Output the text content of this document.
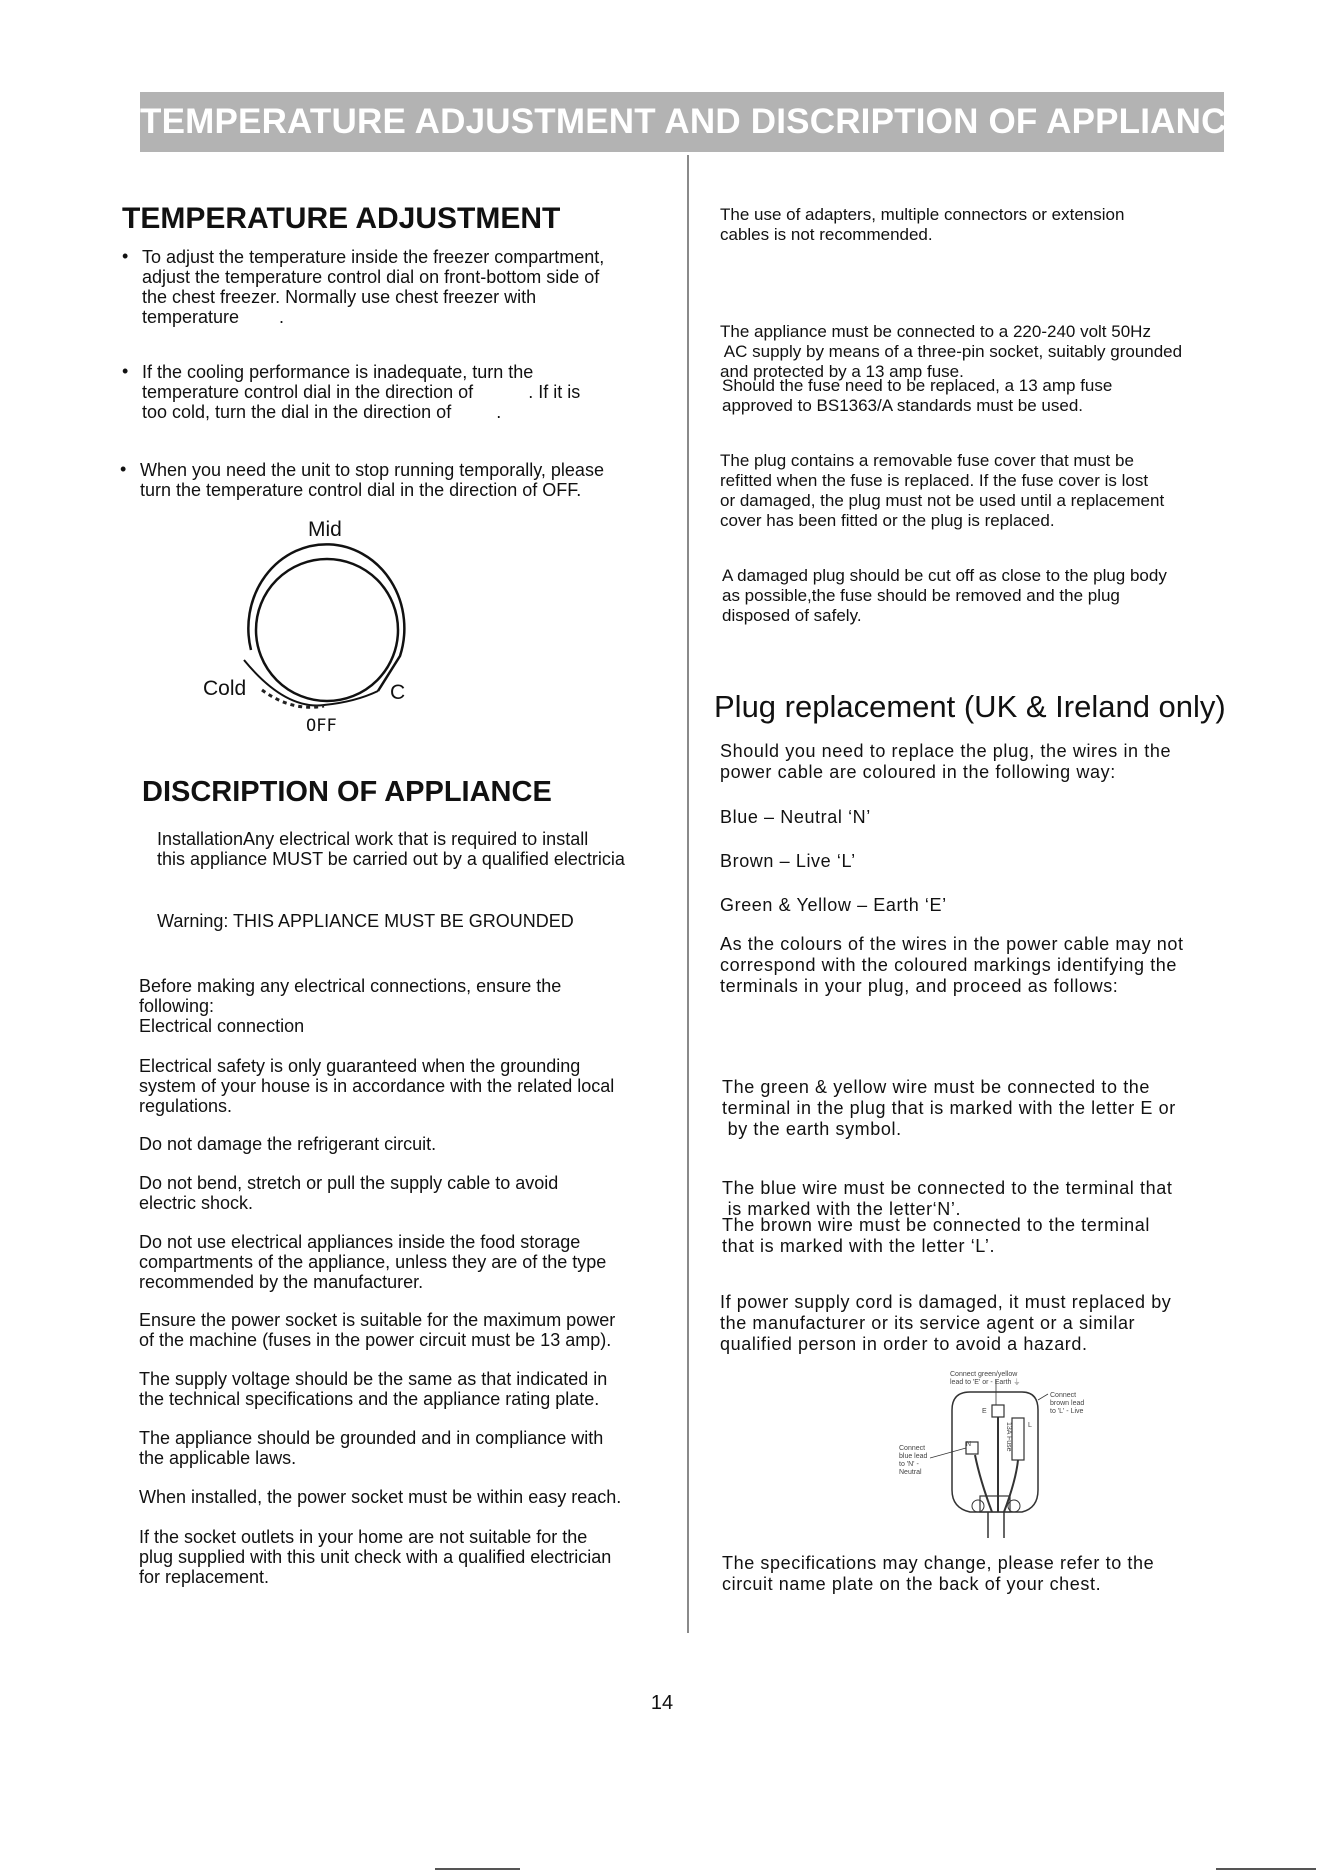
TEMPERATURE ADJUSTMENT AND DISCRIPTION OF APPLIANCE
TEMPERATURE ADJUSTMENT
• To adjust the temperature inside the freezer compartment,
adjust the temperature control dial on front-bottom side of
the chest freezer. Normally use chest freezer with
temperature        .
• If the cooling performance is inadequate, turn the
temperature control dial in the direction of           . If it is
too cold, turn the dial in the direction of         .
• When you need the unit to stop running temporally, please
turn the temperature control dial in the direction of OFF.
Mid
Cold	C
OFF
DISCRIPTION OF APPLIANCE
InstallationAny electrical work that is required to install
this appliance MUST be carried out by a qualified electricia
Warning: THIS APPLIANCE MUST BE GROUNDED
Before making any electrical connections, ensure the
following:
Electrical connection
Electrical safety is only guaranteed when the grounding
system of your house is in accordance with the related local
regulations.
Do not damage the refrigerant circuit.
Do not bend, stretch or pull the supply cable to avoid
electric shock.
Do not use electrical appliances inside the food storage
compartments of the appliance, unless they are of the type
recommended by the manufacturer.
Ensure the power socket is suitable for the maximum power
of the machine (fuses in the power circuit must be 13 amp).
The supply voltage should be the same as that indicated in
the technical specifications and the appliance rating plate.
The appliance should be grounded and in compliance with
the applicable laws.
When installed, the power socket must be within easy reach.
If the socket outlets in your home are not suitable for the
plug supplied with this unit check with a qualified electrician
for replacement.
The use of adapters, multiple connectors or extension
cables is not recommended.

The appliance must be connected to a 220-240 volt 50Hz
AC supply by means of a three-pin socket, suitably grounded
and protected by a 13 amp fuse.

Should the fuse need to be replaced, a 13 amp fuse
approved to BS1363/A standards must be used.
The plug contains a removable fuse cover that must be
refitted when the fuse is replaced. If the fuse cover is lost
or damaged, the plug must not be used until a replacement
cover has been fitted or the plug is replaced.
A damaged plug should be cut off as close to the plug body
as possible,the fuse should be removed and the plug
disposed of safely.
Plug replacement (UK & Ireland only)
Should you need to replace the plug, the wires in the
power cable are coloured in the following way:
Blue – Neutral ‘N’
Brown – Live ‘L’
Green & Yellow – Earth ‘E’
As the colours of the wires in the power cable may not
correspond with the coloured markings identifying the
terminals in your plug, and proceed as follows:

The green & yellow wire must be connected to the
terminal in the plug that is marked with the letter E or
by the earth symbol.

The blue wire must be connected to the terminal that
is marked with the letter‘N’.

The brown wire must be connected to the terminal
that is marked with the letter ‘L’.
If power supply cord is damaged, it must replaced by
the manufacturer or its service agent or a similar
qualified person in order to avoid a hazard.
Connect green/yellow
lead to 'E' or - Earth ⏚
Connect
brown lead
to 'L' - Live
Connect
blue lead
to 'N' -
Neutral
E
L
N	13A Fuse
The specifications may change, please refer to the
circuit name plate on the back of your chest.
14
